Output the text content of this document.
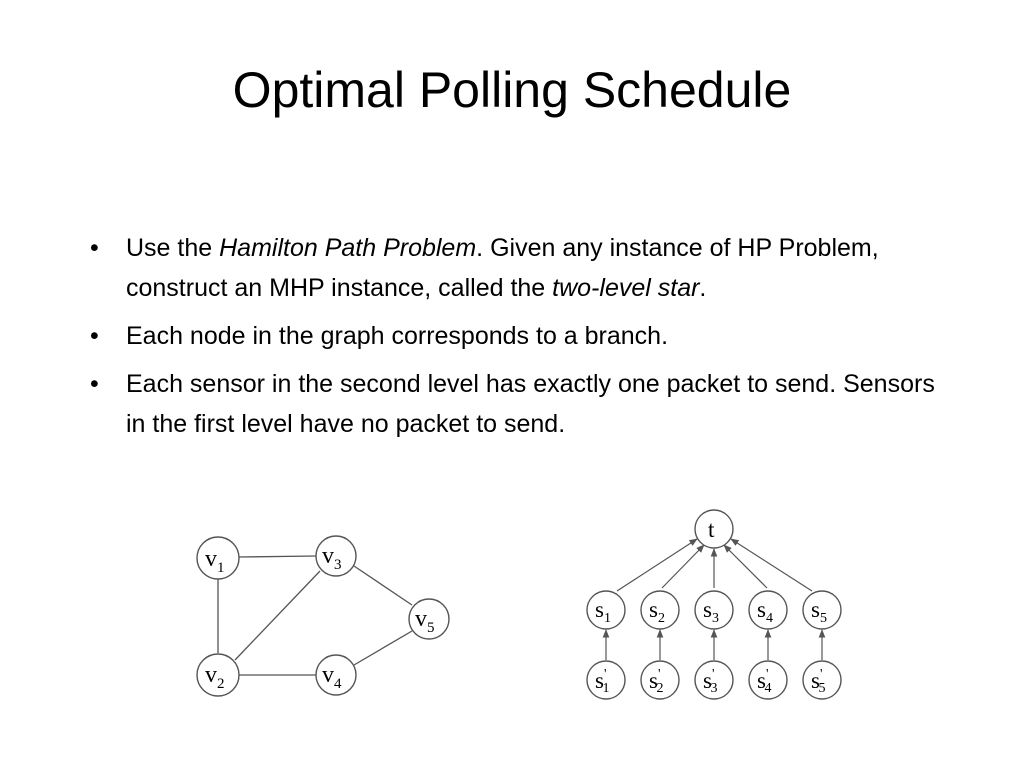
Optimal Polling Schedule
• Use the Hamilton Path Problem. Given any instance of HP Problem, construct an MHP instance, called the two-level star.
• Each node in the graph corresponds to a branch.
• Each sensor in the second level has exactly one packet to send. Sensors in the first level have no packet to send.
$v_1$	$v_3$
$v_5$
$v_2$	$v_4$
t
$s_1$ $s_2$ $s_3$ $s_4$ $s_5$
s' 1 s' 2 s' 3 s' 4 s' 5
